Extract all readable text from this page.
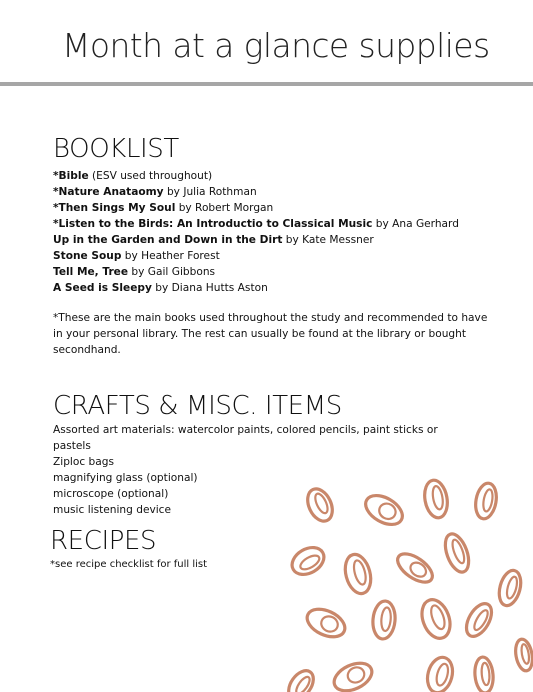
Month at a glance supplies
BOOKLIST
*Bible (ESV used throughout)
*Nature Anataomy by Julia Rothman
*Then Sings My Soul by Robert Morgan
*Listen to the Birds: An Introductio to Classical Music by Ana Gerhard
Up in the Garden and Down in the Dirt by Kate Messner
Stone Soup by Heather Forest
Tell Me, Tree by Gail Gibbons
A Seed is Sleepy by Diana Hutts Aston

*These are the main books used throughout the study and recommended to have in your personal library. The rest can usually be found at the library or bought secondhand.

CRAFTS & MISC. ITEMS
Assorted art materials: watercolor paints, colored pencils, paint sticks or pastels
Ziploc bags
magnifying glass (optional)
microscope (optional)
music listening device
RECIPES
*see recipe checklist for full list
